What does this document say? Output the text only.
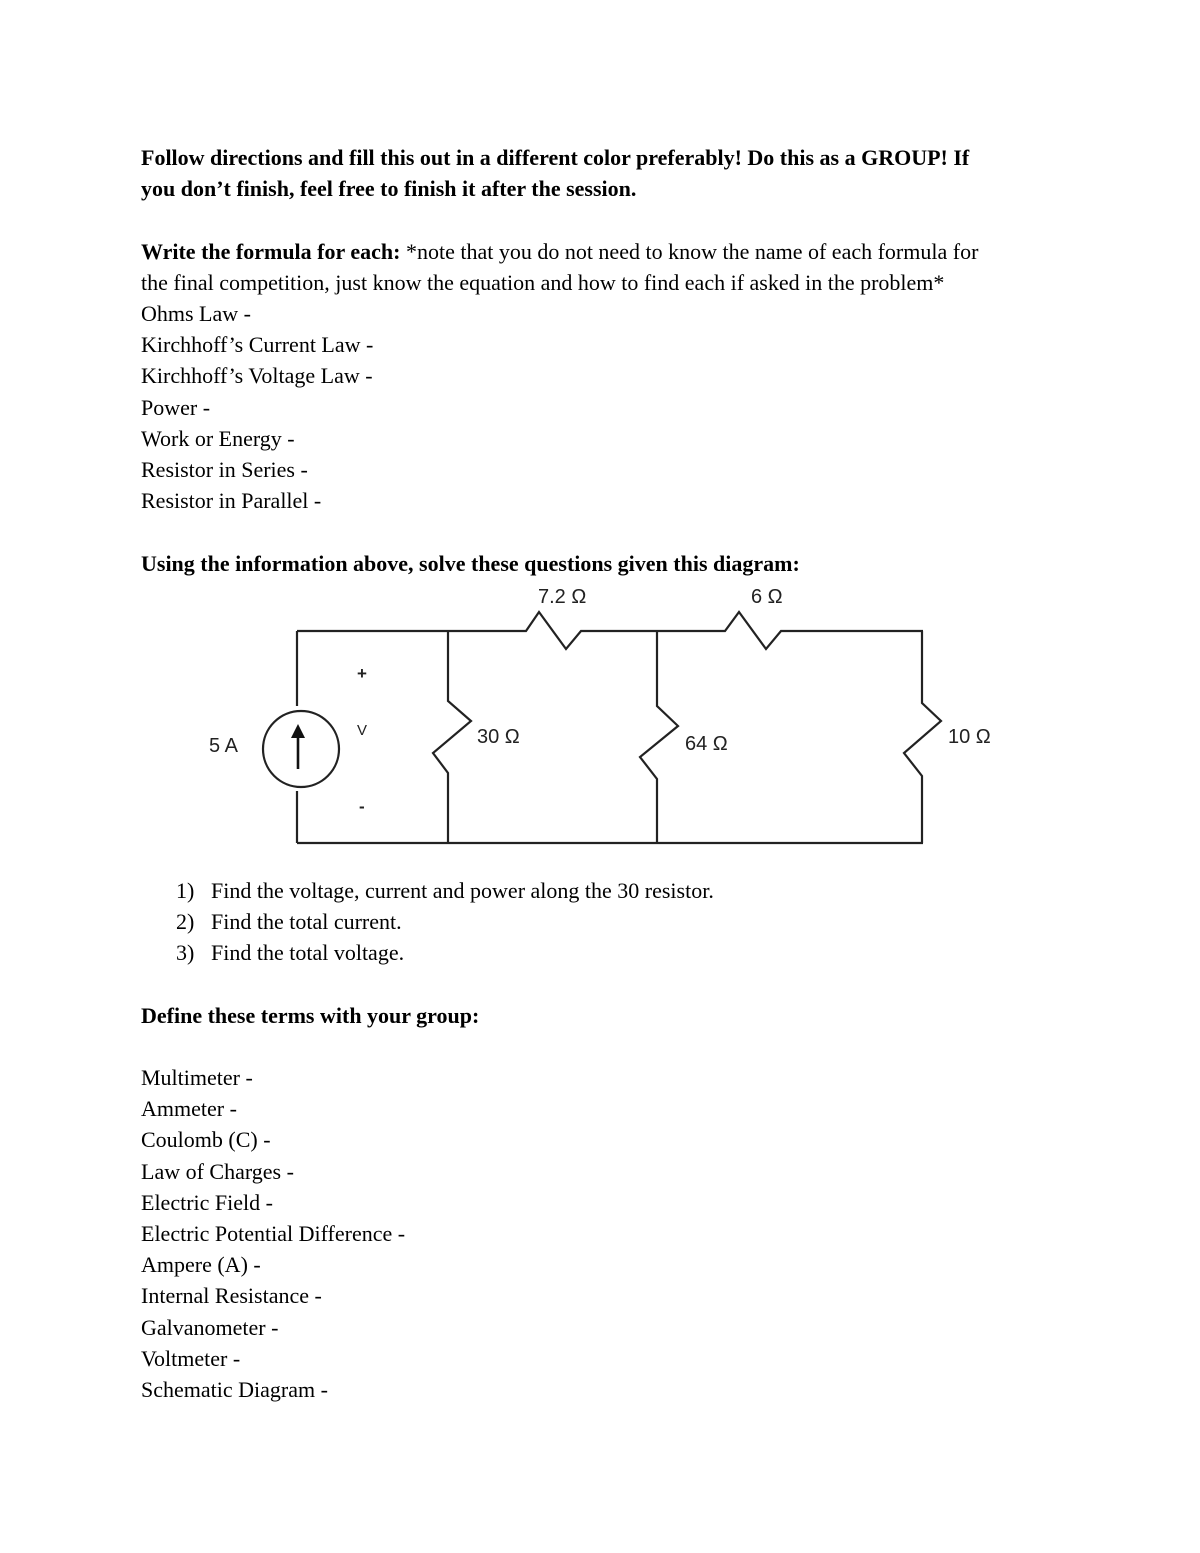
Follow directions and fill this out in a different color preferably! Do this as a GROUP! If
you don’t finish, feel free to finish it after the session.

Write the formula for each: *note that you do not need to know the name of each formula for
the final competition, just know the equation and how to find each if asked in the problem*
Ohms Law -
Kirchhoff’s Current Law -
Kirchhoff’s Voltage Law -
Power -
Work or Energy -
Resistor in Series -
Resistor in Parallel -

Using the information above, solve these questions given this diagram:

5 A
+
V
-
7.2 Ω	6 Ω
30 Ω	64 Ω	10 Ω
1) Find the voltage, current and power along the 30 resistor.
2) Find the total current.
3) Find the total voltage.

Define these terms with your group:

Multimeter -
Ammeter -
Coulomb (C) -
Law of Charges -
Electric Field -
Electric Potential Difference -
Ampere (A) -
Internal Resistance -
Galvanometer -
Voltmeter -
Schematic Diagram -
